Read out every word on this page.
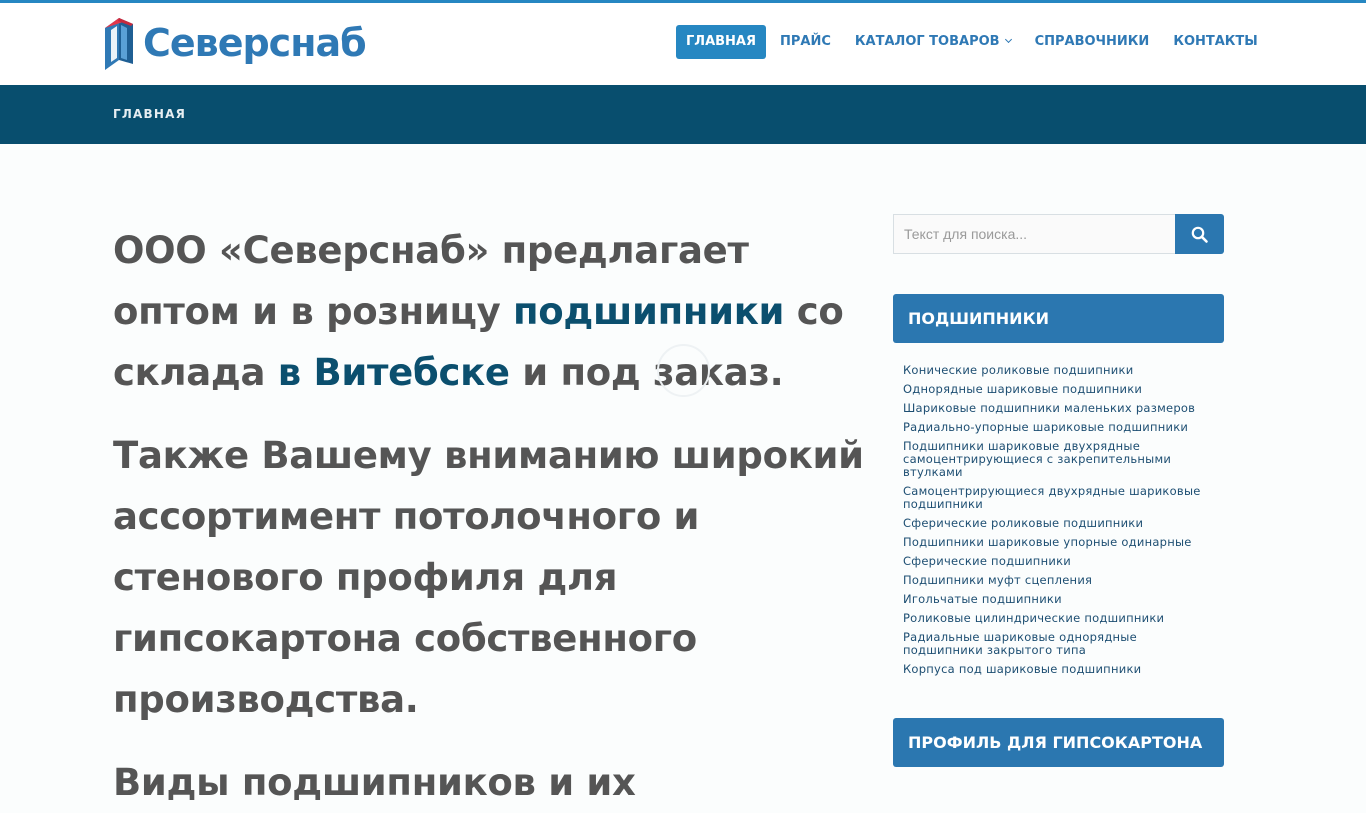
Северснаб	ГЛАВНАЯ	ПРАЙС	КАТАЛОГ ТОВАРОВ	СПРАВОЧНИКИ	КОНТАКТЫ
ГЛАВНАЯ
ООО «Северснаб» предлагает оптом и в розницу подшипники со склада в Витебске и под заказ.
Также Вашему вниманию широкий ассортимент потолочного и стенового профиля для гипсокартона собственного производства.
Виды подшипников и их
Текст для поиска...
ПОДШИПНИКИ
Конические роликовые подшипники
Однорядные шариковые подшипники
Шариковые подшипники маленьких размеров
Радиально-упорные шариковые подшипники
Подшипники шариковые двухрядные самоцентрирующиеся с закрепительными втулками
Самоцентрирующиеся двухрядные шариковые подшипники
Сферические роликовые подшипники
Подшипники шариковые упорные одинарные
Сферические подшипники
Подшипники муфт сцепления
Игольчатые подшипники
Роликовые цилиндрические подшипники
Радиальные шариковые однорядные подшипники закрытого типа
Корпуса под шариковые подшипники
ПРОФИЛЬ ДЛЯ ГИПСОКАРТОНА
